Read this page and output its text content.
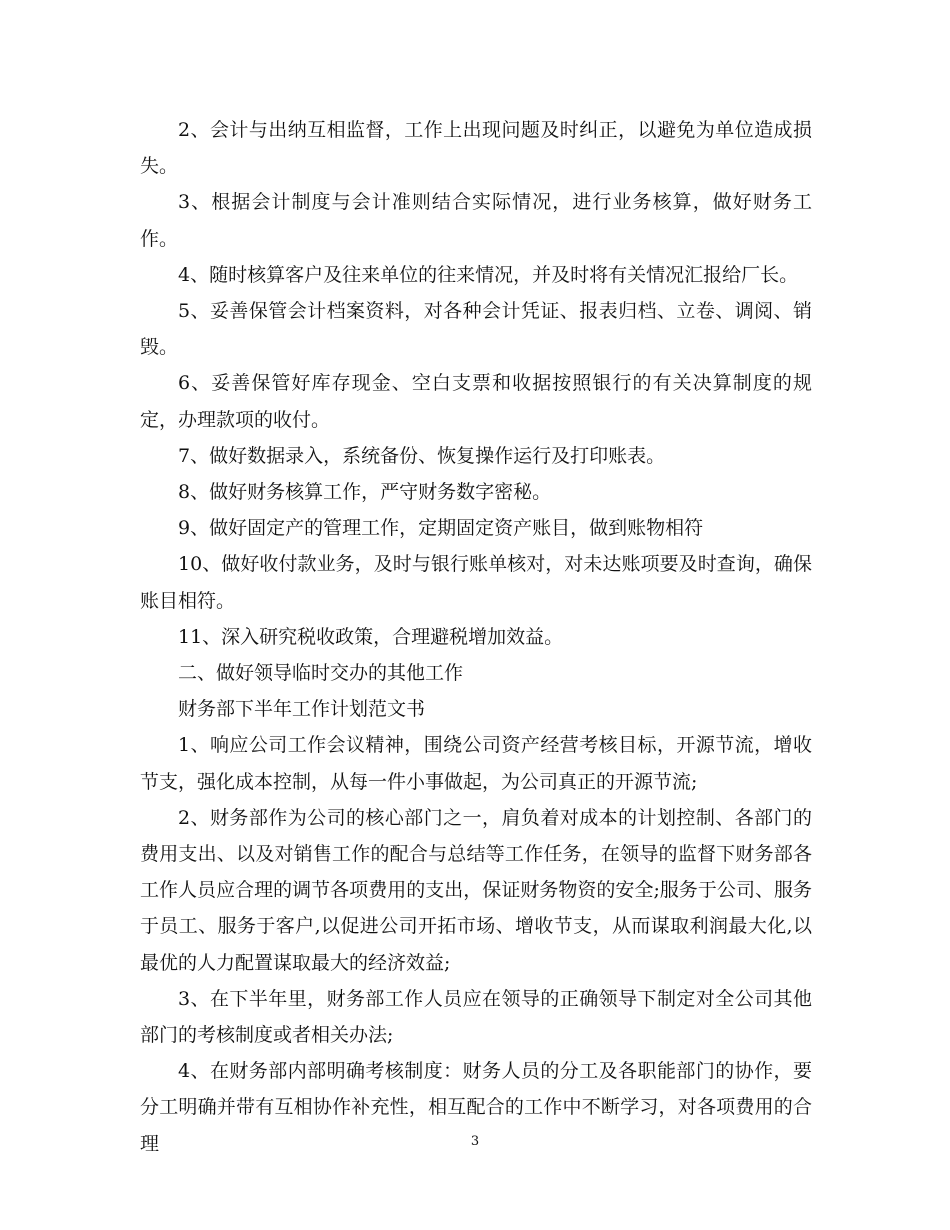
2、会计与出纳互相监督，工作上出现问题及时纠正，以避免为单位造成损失。

3、根据会计制度与会计准则结合实际情况，进行业务核算，做好财务工作。

4、随时核算客户及往来单位的往来情况，并及时将有关情况汇报给厂长。

5、妥善保管会计档案资料，对各种会计凭证、报表归档、立卷、调阅、销毁。

6、妥善保管好库存现金、空白支票和收据按照银行的有关决算制度的规定，办理款项的收付。

7、做好数据录入，系统备份、恢复操作运行及打印账表。

8、做好财务核算工作，严守财务数字密秘。

9、做好固定产的管理工作，定期固定资产账目，做到账物相符

10、做好收付款业务，及时与银行账单核对，对未达账项要及时查询，确保账目相符。

11、深入研究税收政策，合理避税增加效益。

二、做好领导临时交办的其他工作

财务部下半年工作计划范文书

1、响应公司工作会议精神，围绕公司资产经营考核目标，开源节流，增收节支，强化成本控制，从每一件小事做起，为公司真正的开源节流;

2、财务部作为公司的核心部门之一，肩负着对成本的计划控制、各部门的费用支出、以及对销售工作的配合与总结等工作任务，在领导的监督下财务部各工作人员应合理的调节各项费用的支出，保证财务物资的安全;服务于公司、服务于员工、服务于客户,以促进公司开拓市场、增收节支，从而谋取利润最大化,以最优的人力配置谋取最大的经济效益;

3、在下半年里，财务部工作人员应在领导的正确领导下制定对全公司其他部门的考核制度或者相关办法;

4、在财务部内部明确考核制度：财务人员的分工及各职能部门的协作，要分工明确并带有互相协作补充性，相互配合的工作中不断学习，对各项费用的合理	3
